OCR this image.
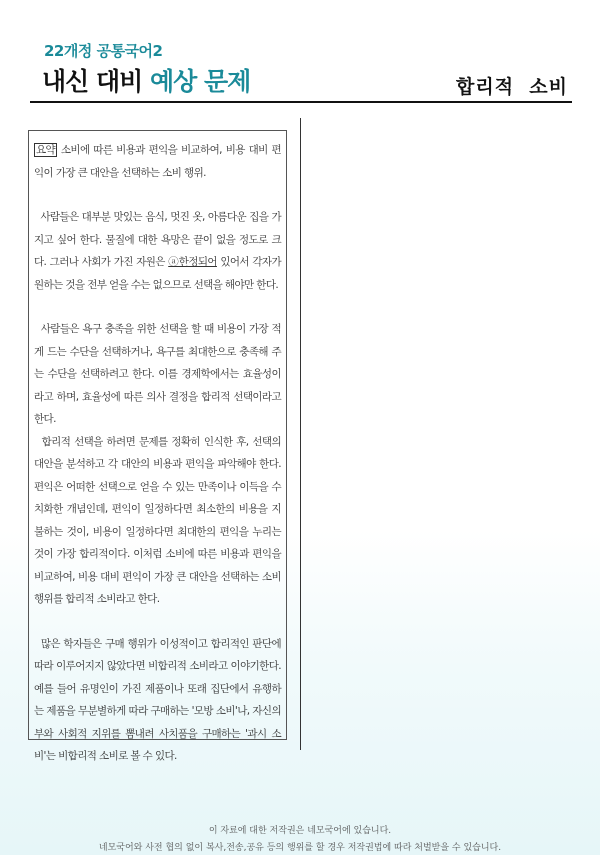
22개정 공통국어2
내신 대비 예상 문제	합리적  소비

요약 소비에 따른 비용과 편익을 비교하여, 비용 대비 편익이 가장 큰 대안을 선택하는 소비 행위.

사람들은 대부분 맛있는 음식, 멋진 옷, 아름다운 집을 가지고 싶어 한다. 물질에 대한 욕망은 끝이 없을 정도로 크다. 그러나 사회가 가진 자원은 ⓐ한정되어 있어서 각자가 원하는 것을 전부 얻을 수는 없으므로 선택을 해야만 한다.

사람들은 욕구 충족을 위한 선택을 할 때 비용이 가장 적게 드는 수단을 선택하거나, 욕구를 최대한으로 충족해 주는 수단을 선택하려고 한다. 이를 경제학에서는 효율성이라고 하며, 효율성에 따른 의사 결정을 합리적 선택이라고 한다.

합리적 선택을 하려면 문제를 정확히 인식한 후, 선택의 대안을 분석하고 각 대안의 비용과 편익을 파악해야 한다. 편익은 어떠한 선택으로 얻을 수 있는 만족이나 이득을 수치화한 개념인데, 편익이 일정하다면 최소한의 비용을 지불하는 것이, 비용이 일정하다면 최대한의 편익을 누리는 것이 가장 합리적이다. 이처럼 소비에 따른 비용과 편익을 비교하여, 비용 대비 편익이 가장 큰 대안을 선택하는 소비 행위를 합리적 소비라고 한다.

많은 학자들은 구매 행위가 이성적이고 합리적인 판단에 따라 이루어지지 않았다면 비합리적 소비라고 이야기한다. 예를 들어 유명인이 가진 제품이나 또래 집단에서 유행하는 제품을 무분별하게 따라 구매하는 '모방 소비'나, 자신의 부와 사회적 지위를 뽐내려 사치품을 구매하는 '과시 소비'는 비합리적 소비로 볼 수 있다.

이 자료에 대한 저작권은 네모국어에 있습니다.
네모국어와 사전 협의 없이 복사,전송,공유 등의 행위를 할 경우 저작권법에 따라 처벌받을 수 있습니다.
